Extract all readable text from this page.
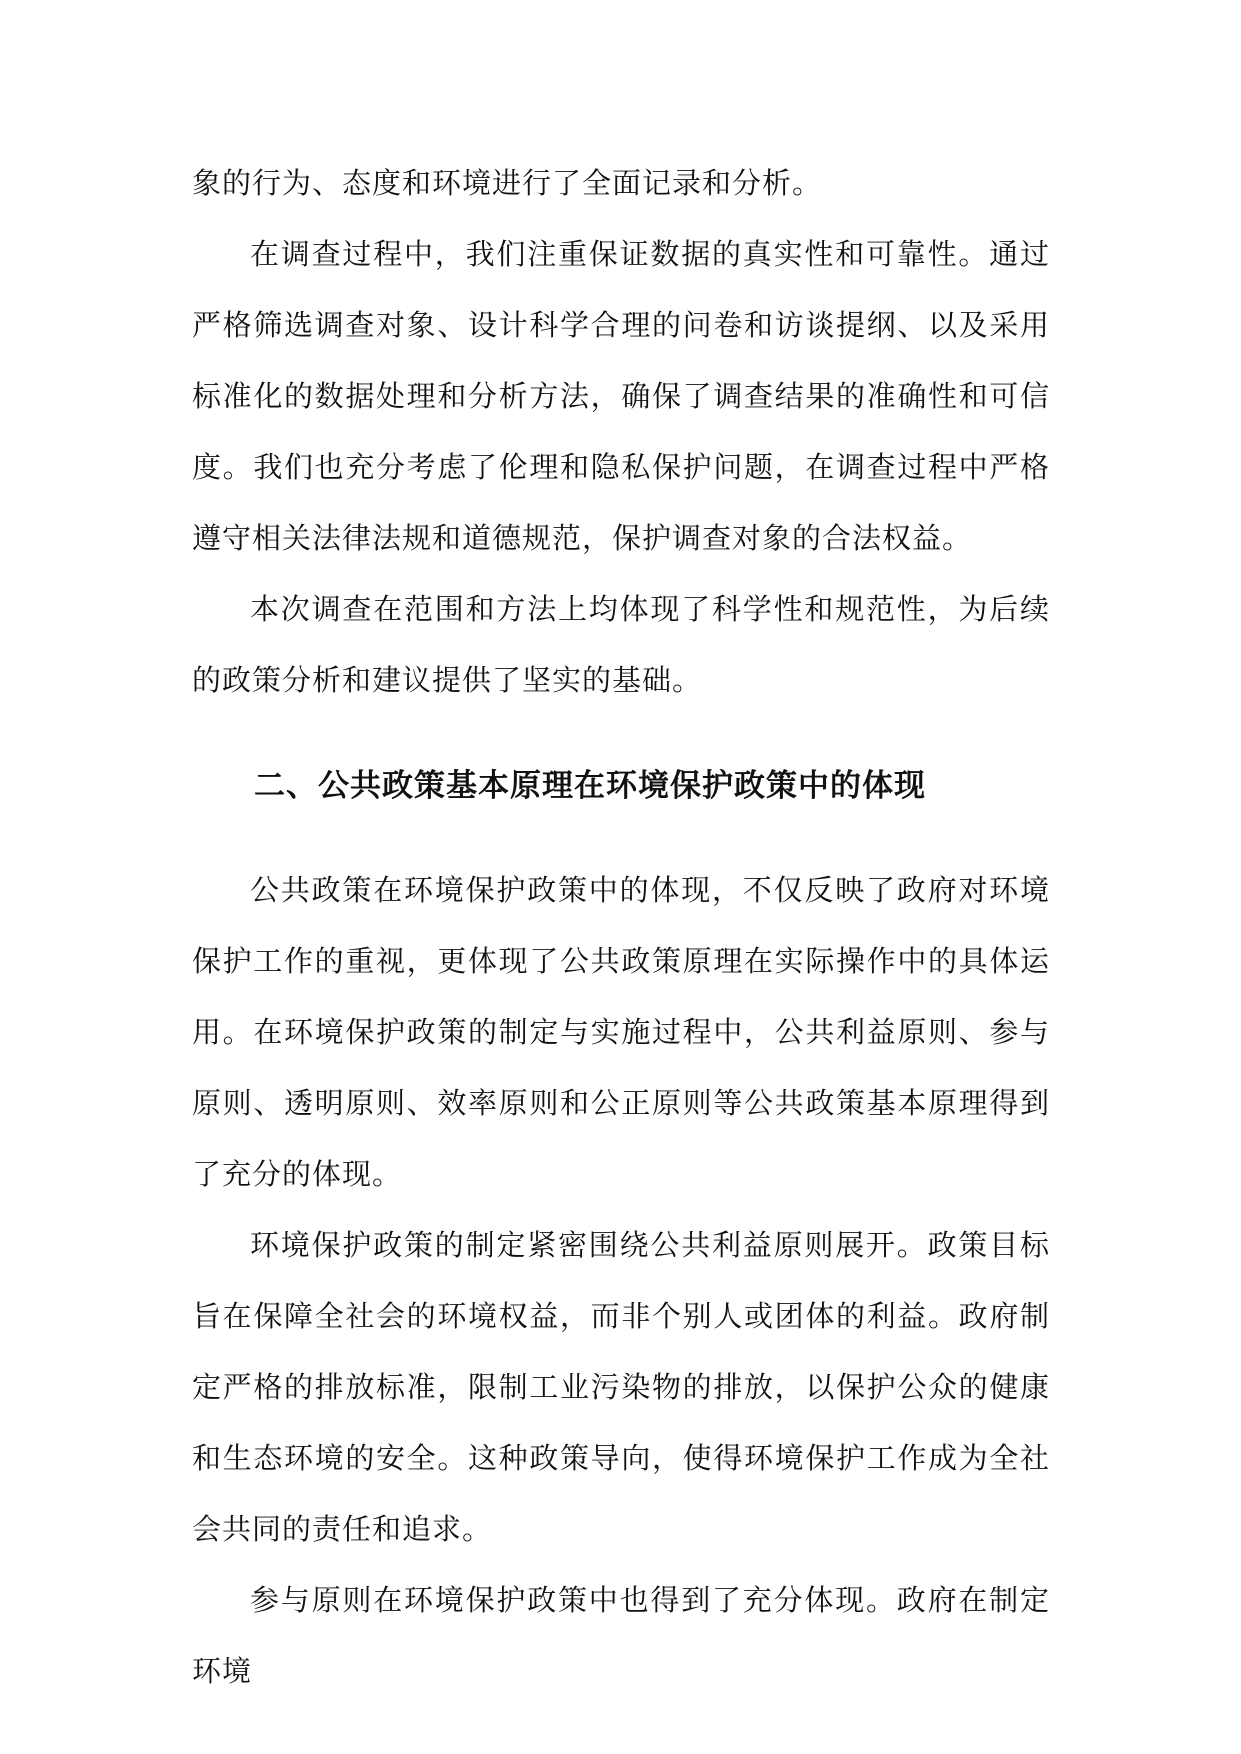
象的行为、态度和环境进行了全面记录和分析。

在调查过程中，我们注重保证数据的真实性和可靠性。通过严格筛选调查对象、设计科学合理的问卷和访谈提纲、以及采用标准化的数据处理和分析方法，确保了调查结果的准确性和可信度。我们也充分考虑了伦理和隐私保护问题，在调查过程中严格遵守相关法律法规和道德规范，保护调查对象的合法权益。

本次调查在范围和方法上均体现了科学性和规范性，为后续的政策分析和建议提供了坚实的基础。

二、公共政策基本原理在环境保护政策中的体现

公共政策在环境保护政策中的体现，不仅反映了政府对环境保护工作的重视，更体现了公共政策原理在实际操作中的具体运用。在环境保护政策的制定与实施过程中，公共利益原则、参与原则、透明原则、效率原则和公正原则等公共政策基本原理得到了充分的体现。

环境保护政策的制定紧密围绕公共利益原则展开。政策目标旨在保障全社会的环境权益，而非个别人或团体的利益。政府制定严格的排放标准，限制工业污染物的排放，以保护公众的健康和生态环境的安全。这种政策导向，使得环境保护工作成为全社会共同的责任和追求。

参与原则在环境保护政策中也得到了充分体现。政府在制定环境
